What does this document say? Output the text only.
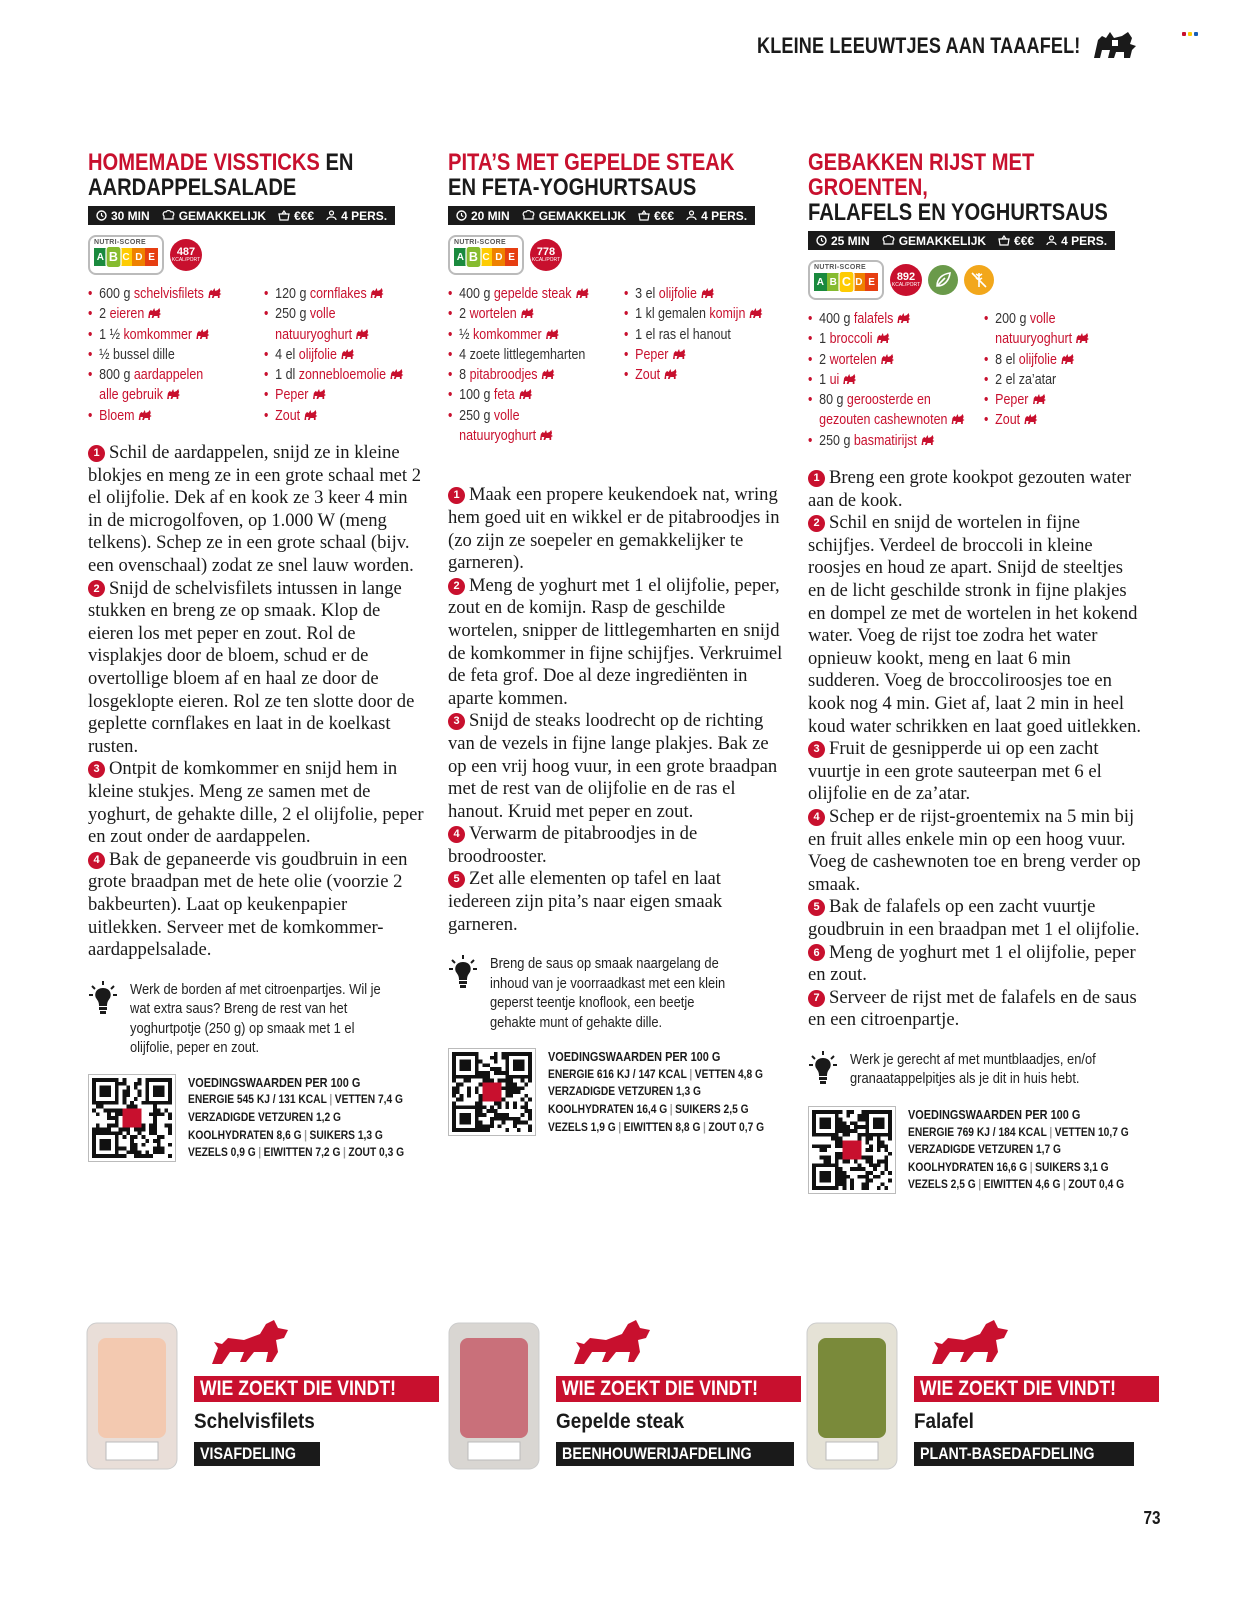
KLEINE LEEUWTJES AAN TAAAFEL!
HOMEMADE VISSTICKS EN
AARDAPPELSALADE
30 MIN GEMAKKELIJK €€€ 4 PERS.
NUTRI-SCORE
A B C D E 487
KCAL/PORT
• 600 g schelvisfilets
• 2 eieren
• 1 ½ komkommer
• ½ bussel dille
• 800 g aardappelen
alle gebruik
• Bloem
• 120 g cornflakes
• 250 g volle
natuuryoghurt
• 4 el olijfolie
• 1 dl zonnebloemolie
• Peper
• Zout
1 Schil de aardappelen, snijd ze in kleine blokjes en meng ze in een grote schaal met 2 el olijfolie. Dek af en kook ze 3 keer 4 min in de microgolfoven, op 1.000 W (meng telkens). Schep ze in een grote schaal (bijv. een ovenschaal) zodat ze snel lauw worden.
2 Snijd de schelvisfilets intussen in lange stukken en breng ze op smaak. Klop de eieren los met peper en zout. Rol de visplakjes door de bloem, schud er de overtollige bloem af en haal ze door de losgeklopte eieren. Rol ze ten slotte door de geplette cornflakes en laat in de koelkast rusten.
3 Ontpit de komkommer en snijd hem in kleine stukjes. Meng ze samen met de yoghurt, de gehakte dille, 2 el olijfolie, peper en zout onder de aardappelen.
4 Bak de gepaneerde vis goudbruin in een grote braadpan met de hete olie (voorzie 2 bakbeurten). Laat op keukenpapier uitlekken. Serveer met de komkommer-aardappelsalade.
Werk de borden af met citroenpartjes. Wil je wat extra saus? Breng de rest van het yoghurtpotje (250 g) op smaak met 1 el olijfolie, peper en zout.
VOEDINGSWAARDEN PER 100 G
ENERGIE 545 KJ / 131 KCAL | VETTEN 7,4 G
VERZADIGDE VETZUREN 1,2 G
KOOLHYDRATEN 8,6 G | SUIKERS 1,3 G
VEZELS 0,9 G | EIWITTEN 7,2 G | ZOUT 0,3 G
PITA’S MET GEPELDE STEAK
EN FETA-YOGHURTSAUS
20 MIN GEMAKKELIJK €€€ 4 PERS.
NUTRI-SCORE
A B C D E 778
KCAL/PORT
• 400 g gepelde steak
• 2 wortelen
• ½ komkommer
• 4 zoete littlegemharten
• 8 pitabroodjes
• 100 g feta
• 250 g volle
natuuryoghurt
• 3 el olijfolie
• 1 kl gemalen komijn
• 1 el ras el hanout
• Peper
• Zout
1 Maak een propere keukendoek nat, wring hem goed uit en wikkel er de pitabroodjes in (zo zijn ze soepeler en gemakkelijker te garneren).
2 Meng de yoghurt met 1 el olijfolie, peper, zout en de komijn. Rasp de geschilde wortelen, snipper de littlegemharten en snijd de komkommer in fijne schijfjes. Verkruimel de feta grof. Doe al deze ingrediënten in aparte kommen.
3 Snijd de steaks loodrecht op de richting van de vezels in fijne lange plakjes. Bak ze op een vrij hoog vuur, in een grote braadpan met de rest van de olijfolie en de ras el hanout. Kruid met peper en zout.
4 Verwarm de pitabroodjes in de broodrooster.
5 Zet alle elementen op tafel en laat iedereen zijn pita’s naar eigen smaak garneren.
Breng de saus op smaak naargelang de inhoud van je voorraadkast met een klein geperst teentje knoflook, een beetje gehakte munt of gehakte dille.
VOEDINGSWAARDEN PER 100 G
ENERGIE 616 KJ / 147 KCAL | VETTEN 4,8 G
VERZADIGDE VETZUREN 1,3 G
KOOLHYDRATEN 16,4 G | SUIKERS 2,5 G
VEZELS 1,9 G | EIWITTEN 8,8 G | ZOUT 0,7 G
GEBAKKEN RIJST MET GROENTEN,
FALAFELS EN YOGHURTSAUS
25 MIN GEMAKKELIJK €€€ 4 PERS.
NUTRI-SCORE
A B C D E 892
KCAL/PORT
• 400 g falafels
• 1 broccoli
• 2 wortelen
• 1 ui
• 80 g geroosterde en
gezouten cashewnoten
• 250 g basmatirijst
• 200 g volle
natuuryoghurt
• 8 el olijfolie
• 2 el za’atar
• Peper
• Zout
1 Breng een grote kookpot gezouten water aan de kook.
2 Schil en snijd de wortelen in fijne schijfjes. Verdeel de broccoli in kleine roosjes en houd ze apart. Snijd de steeltjes en de licht geschilde stronk in fijne plakjes en dompel ze met de wortelen in het kokend water. Voeg de rijst toe zodra het water opnieuw kookt, meng en laat 6 min sudderen. Voeg de broccoliroosjes toe en kook nog 4 min. Giet af, laat 2 min in heel koud water schrikken en laat goed uitlekken.
3 Fruit de gesnipperde ui op een zacht vuurtje in een grote sauteerpan met 6 el olijfolie en de za’atar.
4 Schep er de rijst-groentemix na 5 min bij en fruit alles enkele min op een hoog vuur. Voeg de cashewnoten toe en breng verder op smaak.
5 Bak de falafels op een zacht vuurtje goudbruin in een braadpan met 1 el olijfolie.
6 Meng de yoghurt met 1 el olijfolie, peper en zout.
7 Serveer de rijst met de falafels en de saus en een citroenpartje.
Werk je gerecht af met muntblaadjes, en/of granaatappelpitjes als je dit in huis hebt.
VOEDINGSWAARDEN PER 100 G
ENERGIE 769 KJ / 184 KCAL | VETTEN 10,7 G
VERZADIGDE VETZUREN 1,7 G
KOOLHYDRATEN 16,6 G | SUIKERS 3,1 G
VEZELS 2,5 G | EIWITTEN 4,6 G | ZOUT 0,4 G
WIE ZOEKT DIE VINDT!
Schelvisfilets
VISAFDELING
WIE ZOEKT DIE VINDT!
Gepelde steak
BEENHOUWERIJAFDELING
WIE ZOEKT DIE VINDT!
Falafel
PLANT-BASEDAFDELING
73
